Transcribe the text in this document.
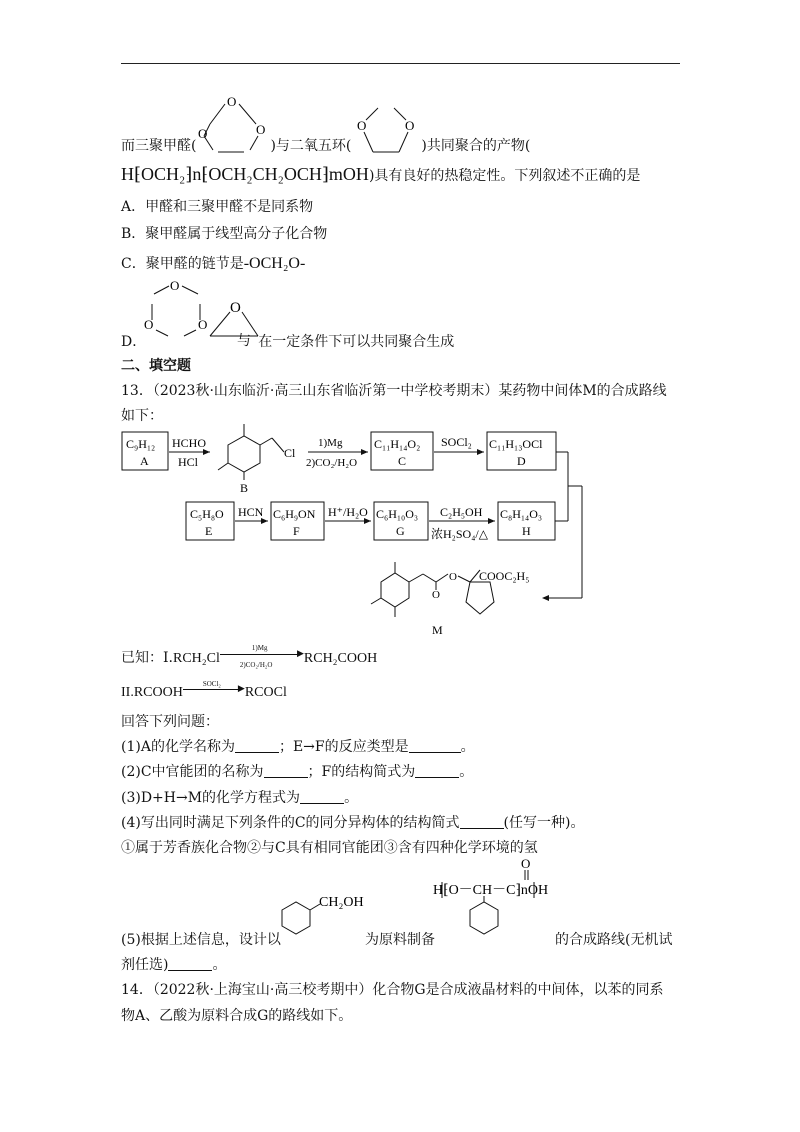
而三聚甲醛(
O
O
O
)与二氧五环(
O	O
)共同聚合的产物(
H⁅OCH₂⁆n⁅OCH₂CH₂OCH⁆mOH)具有良好的热稳定性。下列叙述不正确的是
A．甲醛和三聚甲醛不是同系物
B．聚甲醛属于线型高分子化合物
C．聚甲醛的链节是-OCH₂O-
D．
O
O
O
O
在一定条件下可以共同聚合生成
与
二、填空题
13．（2023秋·山东临沂·高三山东省临沂第一中学校考期末）某药物中间体M的合成路线
如下：
C₉H₁₂
A
C₁₁H₁₄O₂
C
C₁₁H₁₃OCl
D
C₅H₈O
E
C₆H₉ON
F
C₆H₁₀O₃
G
C₈H₁₄O₃
H
HCHO
HCl
1)Mg
2)CO₂/H₂O
SOCl₂
HCN	H⁺/H₂O	C₂H₅OH
浓H₂SO₄/△
Cl
B
O
O COOC₂H₅
M
已知：I.RCH₂Cl
1)Mg
▶
2)CO₂/H₂O RCH₂COOH
II.RCOOH
SOCl₂ ▶ RCOCl
回答下列问题：
(1)A的化学名称为	；E→F的反应类型是	。
(2)C中官能团的名称为	；F的结构简式为	。
(3)D+H→M的化学方程式为	。
(4)写出同时满足下列条件的C的同分异构体的结构简式	(任写一种)。
①属于芳香族化合物②与C具有相同官能团③含有四种化学环境的氢
CH₂OH
H⁅O－CH－C⁆nOH
O
(5)根据上述信息，设计以	为原料制备	的合成路线(无机试
剂任选)	。
14．（2022秋·上海宝山·高三校考期中）化合物G是合成液晶材料的中间体，以苯的同系
物A、乙酸为原料合成G的路线如下。
